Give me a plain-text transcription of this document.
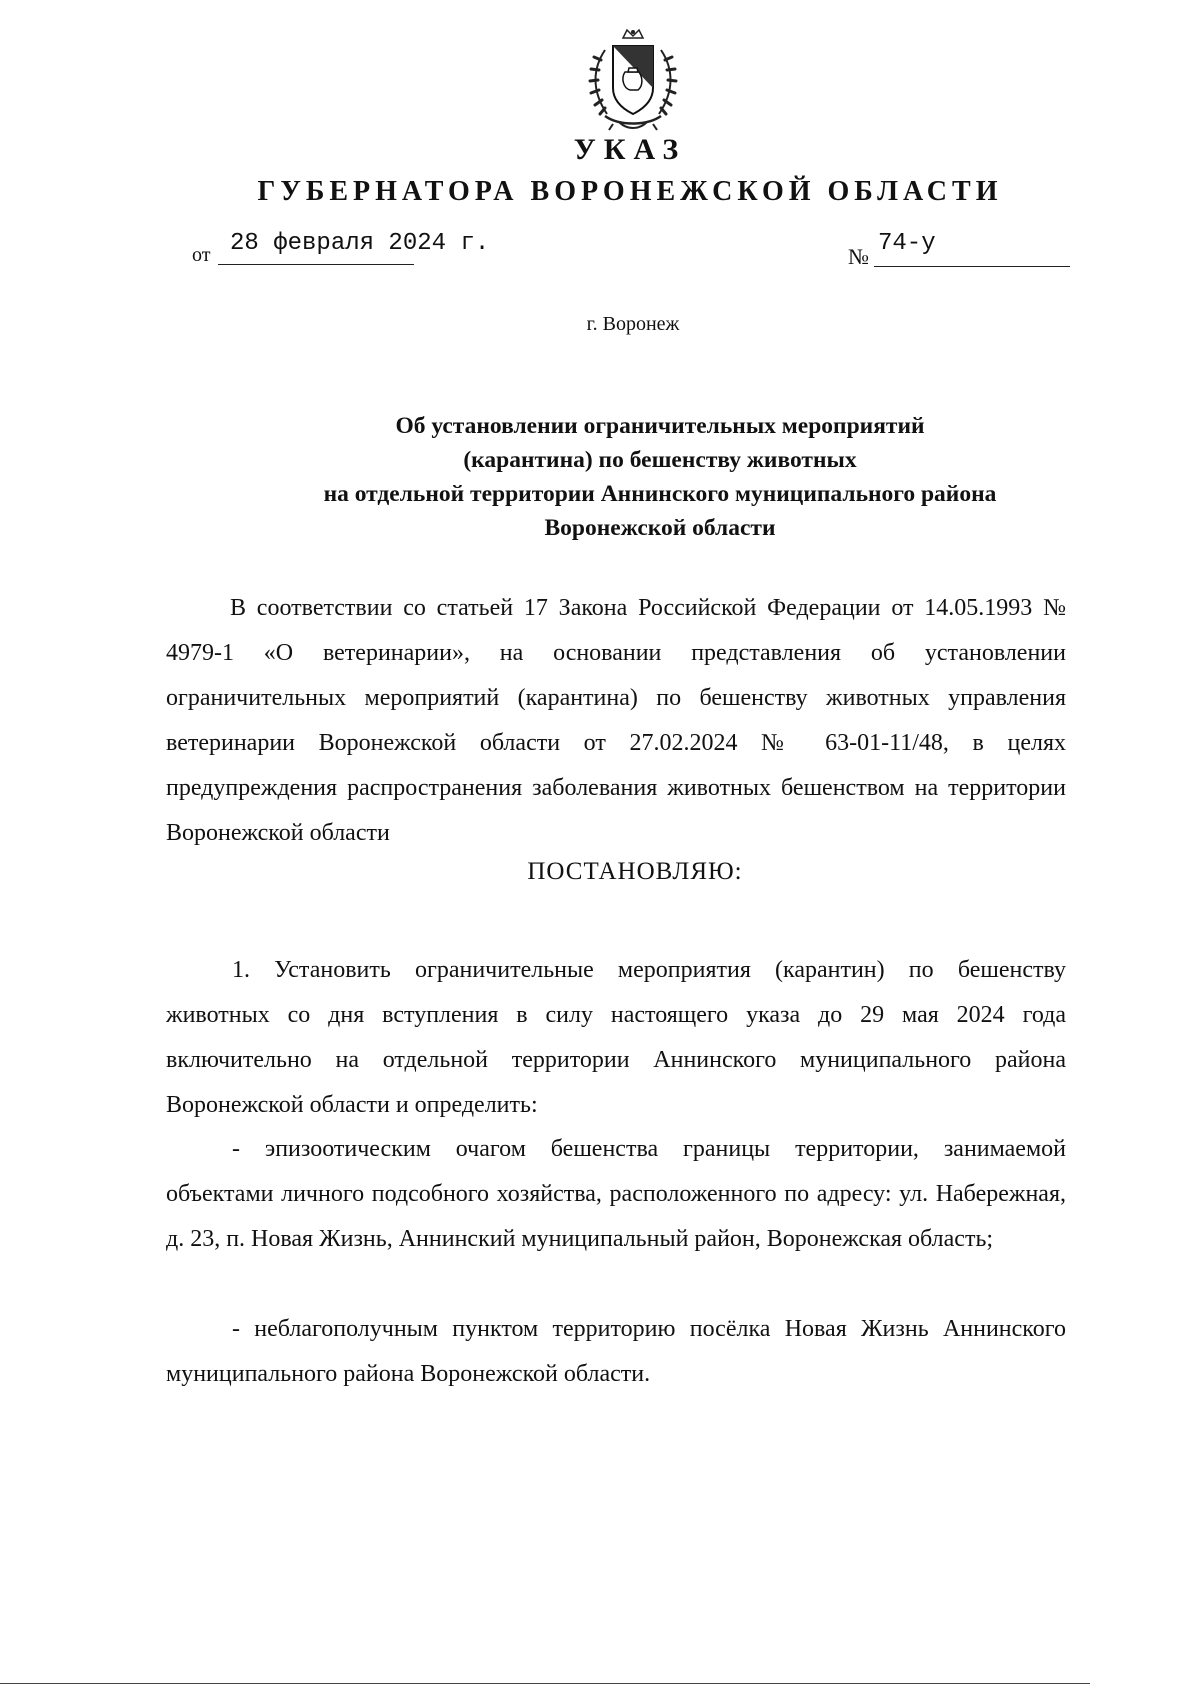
УКАЗ
ГУБЕРНАТОРА ВОРОНЕЖСКОЙ ОБЛАСТИ
от 28 февраля 2024 г.	№ 74-у
г. Воронеж
Об установлении ограничительных мероприятий
(карантина) по бешенству животных
на отдельной территории Аннинского муниципального района
Воронежской области
В соответствии со статьей 17 Закона Российской Федерации от 14.05.1993 № 4979-1 «О ветеринарии», на основании представления об установлении ограничительных мероприятий (карантина) по бешенству животных управления ветеринарии Воронежской области от 27.02.2024 № 63-01-11/48, в целях предупреждения распространения заболевания животных бешенством на территории Воронежской области
ПОСТАНОВЛЯЮ:
1. Установить ограничительные мероприятия (карантин) по бешенству животных со дня вступления в силу настоящего указа до 29 мая 2024 года включительно на отдельной территории Аннинского муниципального района Воронежской области и определить:
- эпизоотическим очагом бешенства границы территории, занимаемой объектами личного подсобного хозяйства, расположенного по адресу: ул. Набережная, д. 23, п. Новая Жизнь, Аннинский муниципальный район, Воронежская область;
- неблагополучным пунктом территорию посёлка Новая Жизнь Аннинского муниципального района Воронежской области.
